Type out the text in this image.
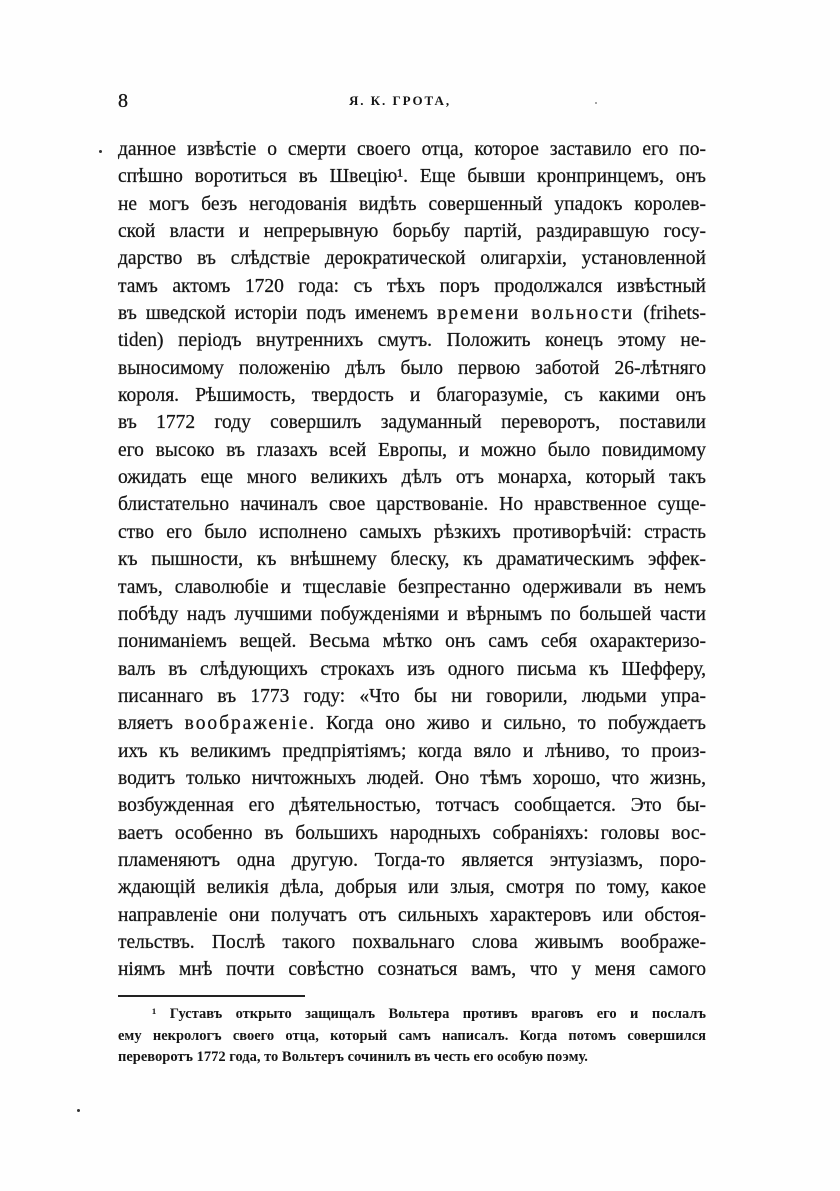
8	Я. К. ГРОТА,
данное извѣстіе о смерти своего отца, которое заставило его по-
спѣшно воротиться въ Швецію¹. Еще бывши кронпринцемъ, онъ
не могъ безъ негодованія видѣть совершенный упадокъ королев-
ской власти и непрерывную борьбу партій, раздиравшую госу-
дарство въ слѣдствіе дерократической олигархіи, установленной
тамъ актомъ 1720 года: съ тѣхъ поръ продолжался извѣстный
въ шведской исторіи подъ именемъ времени вольности (frihets-
tiden) періодъ внутреннихъ смутъ. Положить конецъ этому не-
выносимому положенію дѣлъ было первою заботой 26-лѣтняго
короля. Рѣшимость, твердость и благоразуміе, съ какими онъ
въ 1772 году совершилъ задуманный переворотъ, поставили
его высоко въ глазахъ всей Европы, и можно было повидимому
ожидать еще много великихъ дѣлъ отъ монарха, который такъ
блистательно начиналъ свое царствованіе. Но нравственное суще-
ство его было исполнено самыхъ рѣзкихъ противорѣчій: страсть
къ пышности, къ внѣшнему блеску, къ драматическимъ эффек-
тамъ, славолюбіе и тщеславіе безпрестанно одерживали въ немъ
побѣду надъ лучшими побужденіями и вѣрнымъ по большей части
пониманіемъ вещей. Весьма мѣтко онъ самъ себя охарактеризо-
валъ въ слѣдующихъ строкахъ изъ одного письма къ Шефферу,
писаннаго въ 1773 году: «Что бы ни говорили, людьми упра-
вляетъ воображеніе. Когда оно живо и сильно, то побуждаетъ
ихъ къ великимъ предпріятіямъ; когда вяло и лѣниво, то произ-
водитъ только ничтожныхъ людей. Оно тѣмъ хорошо, что жизнь,
возбужденная его дѣятельностью, тотчасъ сообщается. Это бы-
ваетъ особенно въ большихъ народныхъ собраніяхъ: головы вос-
пламеняютъ одна другую. Тогда-то является энтузіазмъ, поро-
ждающій великія дѣла, добрыя или злыя, смотря по тому, какое
направленіе они получатъ отъ сильныхъ характеровъ или обстоя-
тельствъ. Послѣ такого похвальнаго слова живымъ воображе-
ніямъ мнѣ почти совѣстно сознаться вамъ, что у меня самого
¹ Густавъ открыто защищалъ Вольтера противъ враговъ его и послалъ
ему некрологъ своего отца, который самъ написалъ. Когда потомъ совершился
переворотъ 1772 года, то Вольтеръ сочинилъ въ честь его особую поэму.
